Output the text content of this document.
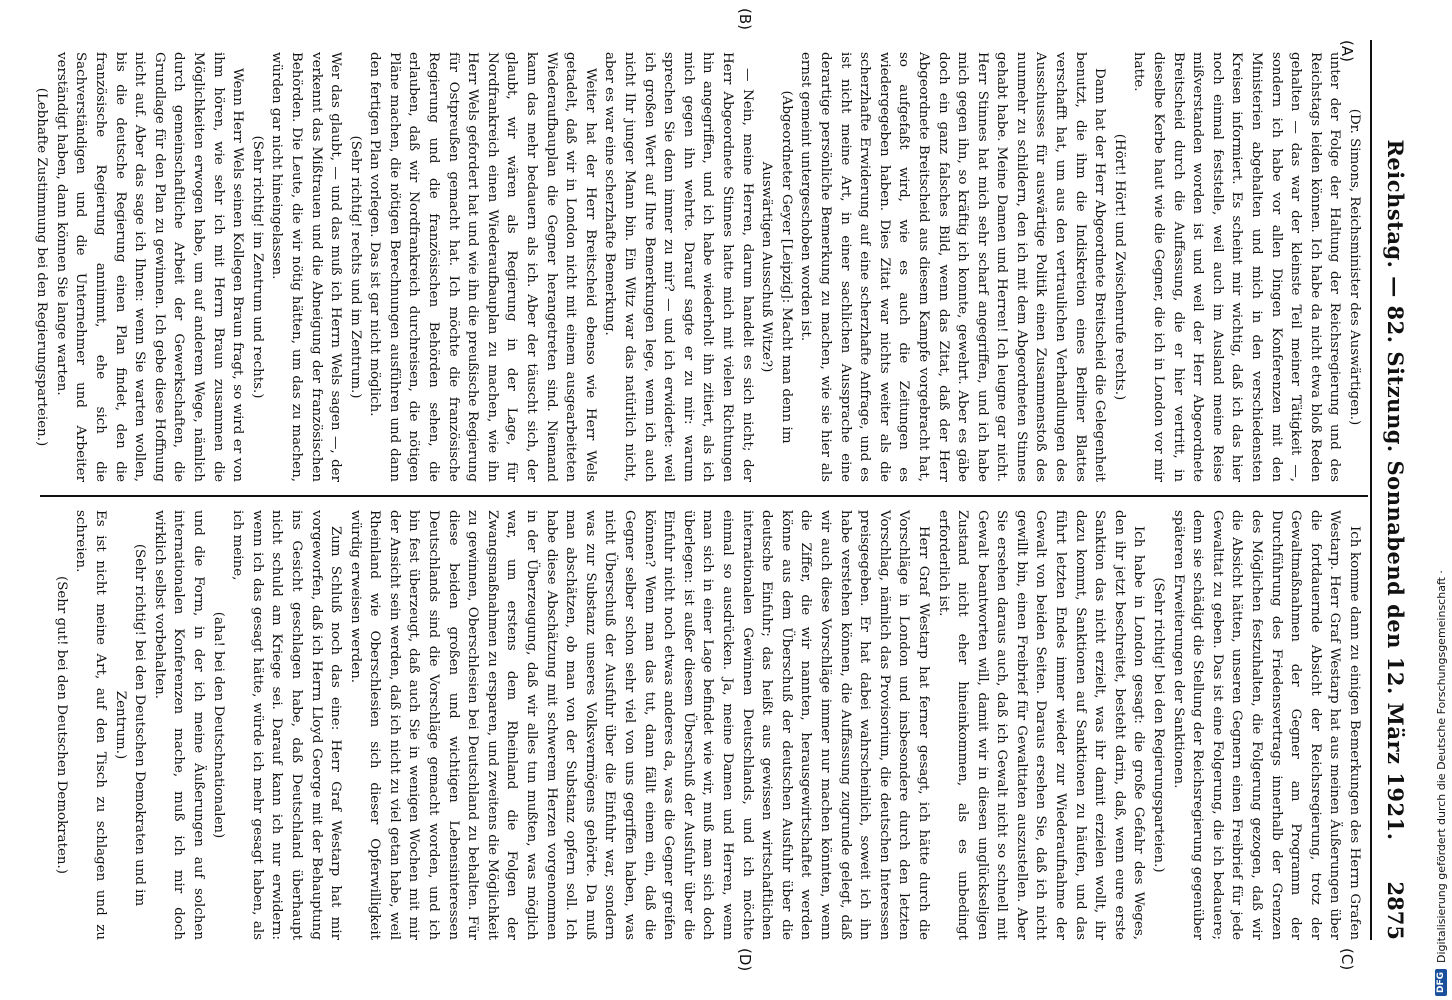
Reichstag. — 82. Sitzung. Sonnabend den 12. März 1921.
2875
(A)
(B)
(C)
(D)

(Dr. Simons, Reichsminister des Auswärtigen.)

unter der Folge der Haltung der Reichsregierung und des Reichstags leiden können. Ich habe da nicht etwa bloß Reden gehalten — das war der kleinste Teil meiner Tätigkeit —, sondern ich habe vor allen Dingen Konferenzen mit den Ministerien abgehalten und mich in den verschiedensten Kreisen informiert. Es scheint mir wichtig, daß ich das hier noch einmal feststelle, weil auch im Ausland meine Reise mißverstanden worden ist und weil der Herr Abgeordnete Breitscheid durch die Auffassung, die er hier vertritt, in dieselbe Kerbe haut wie die Gegner, die ich in London vor mir hatte.

(Hört! Hört! und Zwischenrufe rechts.)

Dann hat der Herr Abgeordnete Breitscheid die Gelegenheit benutzt, die ihm die Indiskretion eines Berliner Blattes verschafft hat, um aus den vertraulichen Verhandlungen des Ausschusses für auswärtige Politik einen Zusammenstoß des nunmehr zu schildern, den ich mit dem Abgeordneten Stinnes gehabt habe. Meine Damen und Herren! Ich leugne gar nicht. Herr Stinnes hat mich sehr scharf angegriffen, und ich habe mich gegen ihn, so kräftig ich konnte, gewehrt. Aber es gäbe doch ein ganz falsches Bild, wenn das Zitat, daß der Herr Abgeordnete Breitscheid aus diesem Kampfe vorgebracht hat, so aufgefaßt wird, wie es auch die Zeitungen es wiedergegeben haben. Dies Zitat war nichts weiter als die scherzhafte Erwiderung auf eine scherzhafte Anfrage, und es ist nicht meine Art, in einer sachlichen Aussprache eine derartige persönliche Bemerkung zu machen, wie sie hier als ernst gemeint untergeschoben worden ist.

(Abgeordneter Geyer [Leipzig]: Macht man denn im Auswärtigen Ausschuß Witze?)

— Nein, meine Herren, darum handelt es sich nicht; der Herr Abgeordnete Stinnes hatte mich mit vielen Richtungen hin angegriffen, und ich habe wiederholt ihn zitiert, als ich mich gegen ihn wehrte. Darauf sagte er zu mir: warum sprechen Sie denn immer zu mir? — und ich erwiderte: weil ich großen Wert auf Ihre Bemerkungen lege, wenn ich auch nicht Ihr junger Mann bin. Ein Witz war das natürlich nicht, aber es war eine scherzhafte Bemerkung.

Weiter hat der Herr Breitscheid ebenso wie Herr Wels getadelt, daß wir in London nicht mit einem ausgearbeiteten Wiederaufbauplan die Gegner herangetreten sind. Niemand kann das mehr bedauern als ich. Aber der täuscht sich, der glaubt, wir wären als Regierung in der Lage, für Nordfrankreich einen Wiederaufbauplan zu machen, wie ihn Herr Wels gefordert hat und wie ihn die preußische Regierung für Ostpreußen gemacht hat. Ich möchte die französische Regierung und die französischen Behörden sehen, die erlauben, daß wir Nordfrankreich durchreisen, die nötigen Pläne machen, die nötigen Berechnungen ausführen und dann den fertigen Plan vorlegen. Das ist gar nicht möglich.

(Sehr richtig! rechts und im Zentrum.)

Wer das glaubt, — und das muß ich Herrn Wels sagen —, der verkennt das Mißtrauen und die Abneigung der französischen Behörden. Die Leute, die wir nötig hätten, um das zu machen, würden gar nicht hineingelassen.

(Sehr richtig! im Zentrum und rechts.)

Wenn Herr Wels seinen Kollegen Braun fragt, so wird er von ihm hören, wie sehr ich mit Herrn Braun zusammen die Möglichkeiten erwogen habe, um auf anderem Wege, nämlich durch gemeinschaftliche Arbeit der Gewerkschaften, die Grundlage für den Plan zu gewinnen. Ich gebe diese Hoffnung nicht auf. Aber das sage ich Ihnen: wenn Sie warten wollen, bis die deutsche Regierung einen Plan findet, den die französische Regierung annimmt, ehe sich die Sachverständigen und die Unternehmer und Arbeiter verständigt haben, dann können Sie lange warten.

(Lebhafte Zustimmung bei den Regierungsparteien.)

Ich komme dann zu einigen Bemerkungen des Herrn Grafen Westarp. Herr Graf Westarp hat aus meinen Äußerungen über die fortdauernde Absicht der Reichsregierung, trotz der Gewaltmaßnahmen der Gegner am Programm der Durchführung des Friedensvertrags innerhalb der Grenzen des Möglichen festzuhalten, die Folgerung gezogen, daß wir die Absicht hätten, unseren Gegnern einen Freibrief für jede Gewalttat zu geben. Das ist eine Folgerung, die ich bedauere; denn sie schädigt die Stellung der Reichsregierung gegenüber späteren Erweiterungen der Sanktionen.

(Sehr richtig! bei den Regierungsparteien.)

Ich habe in London gesagt: die große Gefahr des Weges, den ihr jetzt beschreitet, besteht darin, daß, wenn eure erste Sanktion das nicht erzielt, was ihr damit erzielen wollt, ihr dazu kommt, Sanktionen auf Sanktionen zu häufen, und das führt letzten Endes immer wieder zur Wiederaufnahme der Gewalt von beiden Seiten. Daraus ersehen Sie, daß ich nicht gewillt bin, einen Freibrief für Gewalttaten auszustellen. Aber Sie ersehen daraus auch, daß ich Gewalt nicht so schnell mit Gewalt beantworten will, damit wir in diesen unglückseligen Zustand nicht eher hineinkommen, als es unbedingt erforderlich ist.

Herr Graf Westarp hat ferner gesagt, ich hätte durch die Vorschläge in London und insbesondere durch den letzten Vorschlag, nämlich das Provisorium, die deutschen Interessen preisgegeben. Er hat dabei wahrscheinlich, soweit ich ihn habe verstehen können, die Auffassung zugrunde gelegt, daß wir auch diese Vorschläge immer nur machen könnten, wenn die Ziffer, die wir nannten, herausgewirtschaftet werden könne aus dem Überschuß der deutschen Ausfuhr über die deutsche Einfuhr; das heißt aus gewissen wirtschaftlichen internationalen Gewinnen Deutschlands, und ich möchte einmal so ausdrücken. Ja, meine Damen und Herren, wenn man sich in einer Lage befindet wie wir, muß man sich doch überlegen: ist außer diesem Überschuß der Ausfuhr über die Einfuhr nicht noch etwas anderes da, was die Gegner greifen können? Wenn man das tut, dann fällt einem ein, daß die Gegner selber schon sehr viel von uns gegriffen haben, was nicht Überschuß der Ausfuhr über die Einfuhr war, sondern was zur Substanz unseres Volksvermögens gehörte. Da muß man abschätzen, ob man von der Substanz opfern soll. Ich habe diese Abschätzung mit schwerem Herzen vorgenommen in der Überzeugung, daß wir alles tun mußten, was möglich war, um erstens dem Rheinland die Folgen der Zwangsmaßnahmen zu ersparen, und zweitens die Möglichkeit zu gewinnen, Oberschlesien bei Deutschland zu behalten. Für diese beiden großen und wichtigen Lebensinteressen Deutschlands sind die Vorschläge gemacht worden, und ich bin fest überzeugt, daß auch Sie in wenigen Wochen mit mir der Ansicht sein werden, daß ich nicht zu viel getan habe, weil Rheinland wie Oberschlesien sich dieser Opferwilligkeit würdig erweisen werden.

Zum Schluß noch das eine: Herr Graf Westarp hat mir vorgeworfen, daß ich Herrn Lloyd George mit der Behauptung ins Gesicht geschlagen habe, daß Deutschland überhaupt nicht schuld am Kriege sei. Darauf kann ich nur erwidern: wenn ich das gesagt hätte, würde ich mehr gesagt haben, als ich meine,

(aha! bei den Deutschnationalen)

und die Form, in der ich meine Äußerungen auf solchen internationalen Konferenzen mache, muß ich mir doch wirklich selbst vorbehalten.

(Sehr richtig! bei den Deutschen Demokraten und im Zentrum.)

Es ist nicht meine Art, auf den Tisch zu schlagen und zu schreien.

(Sehr gut! bei den Deutschen Demokraten.)

DFG
Digitalisierung gefördert durch die Deutsche Forschungsgemeinschaft ·
